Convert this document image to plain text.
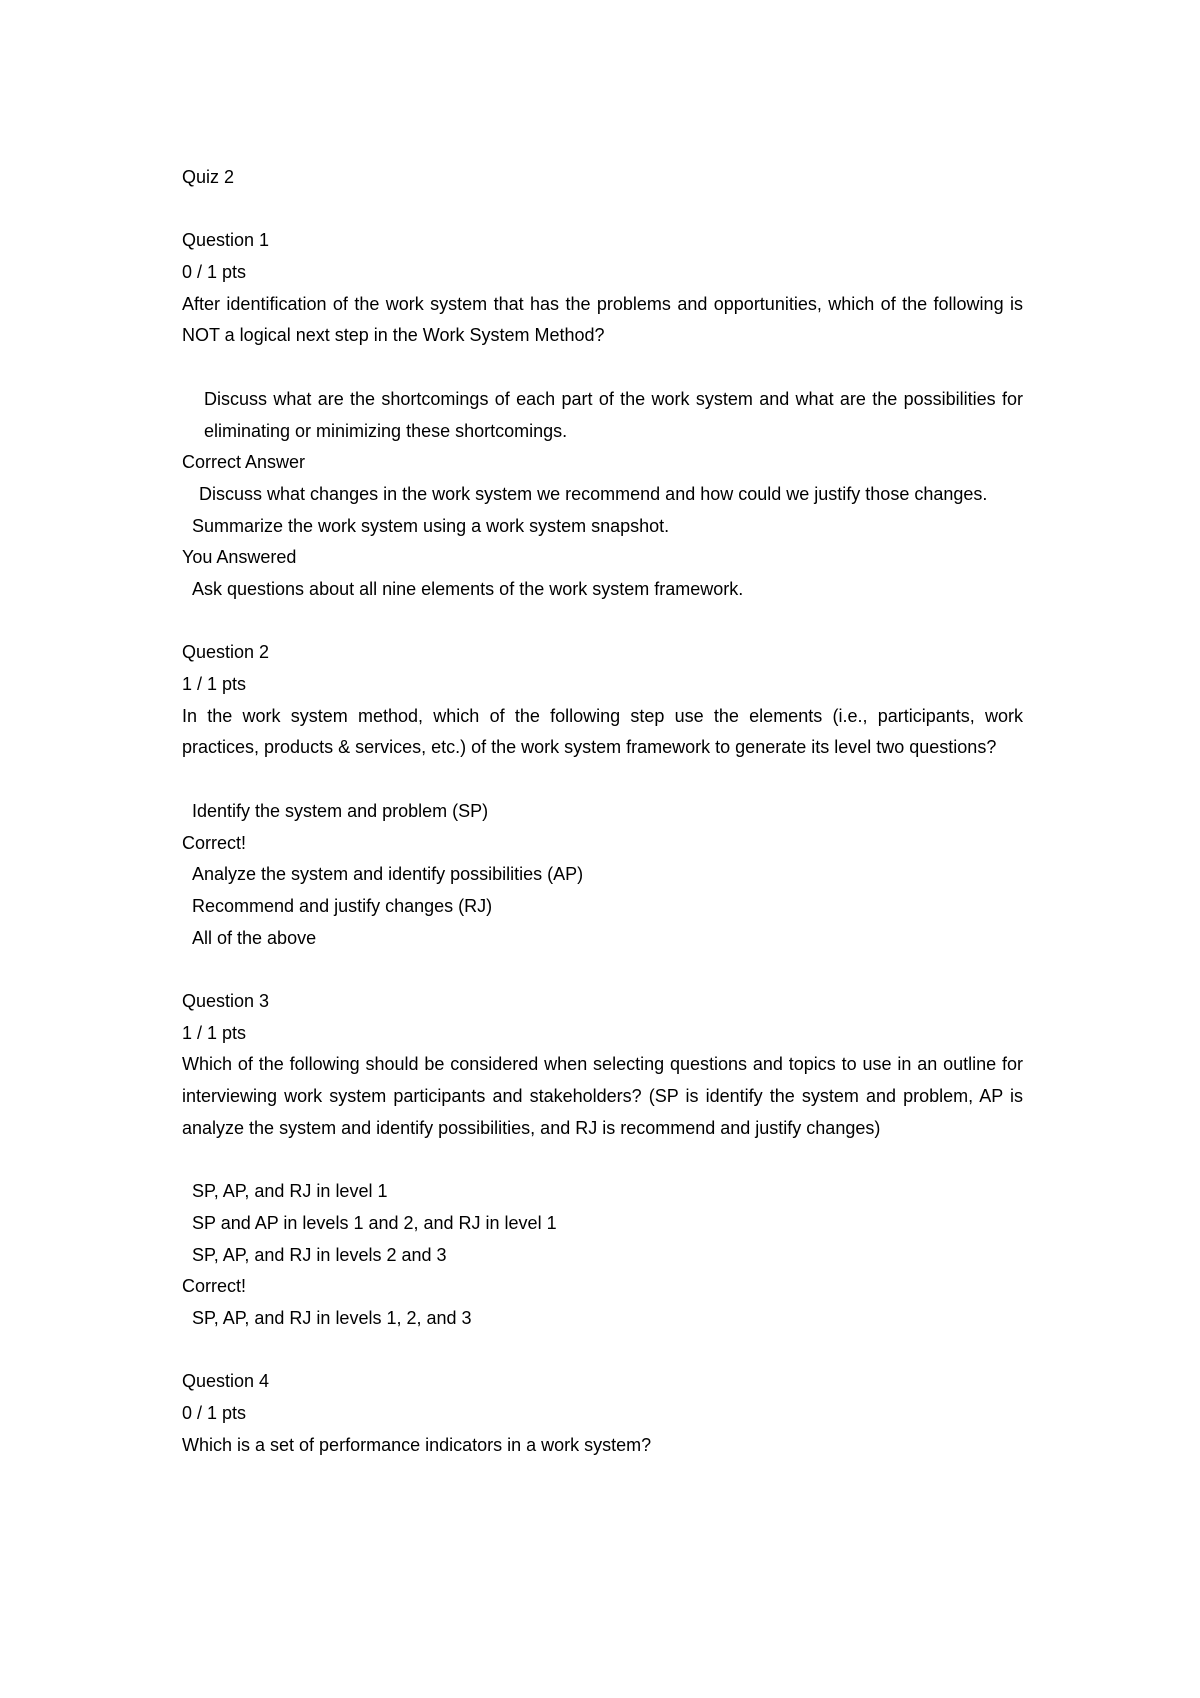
Quiz 2
Question 1
0 / 1 pts
After identification of the work system that has the problems and opportunities, which of the following is NOT a logical next step in the Work System Method?
Discuss what are the shortcomings of each part of the work system and what are the possibilities for eliminating or minimizing these shortcomings.
Correct Answer
Discuss what changes in the work system we recommend and how could we justify those changes.
Summarize the work system using a work system snapshot.
You Answered
Ask questions about all nine elements of the work system framework.
Question 2
1 / 1 pts
In the work system method, which of the following step use the elements (i.e., participants, work practices, products & services, etc.) of the work system framework to generate its level two questions?
Identify the system and problem (SP)
Correct!
Analyze the system and identify possibilities (AP)
Recommend and justify changes (RJ)
All of the above
Question 3
1 / 1 pts
Which of the following should be considered when selecting questions and topics to use in an outline for interviewing work system participants and stakeholders? (SP is identify the system and problem, AP is analyze the system and identify possibilities, and RJ is recommend and justify changes)
SP, AP, and RJ in level 1
SP and AP in levels 1 and 2, and RJ in level 1
SP, AP, and RJ in levels 2 and 3
Correct!
SP, AP, and RJ in levels 1, 2, and 3
Question 4
0 / 1 pts
Which is a set of performance indicators in a work system?
